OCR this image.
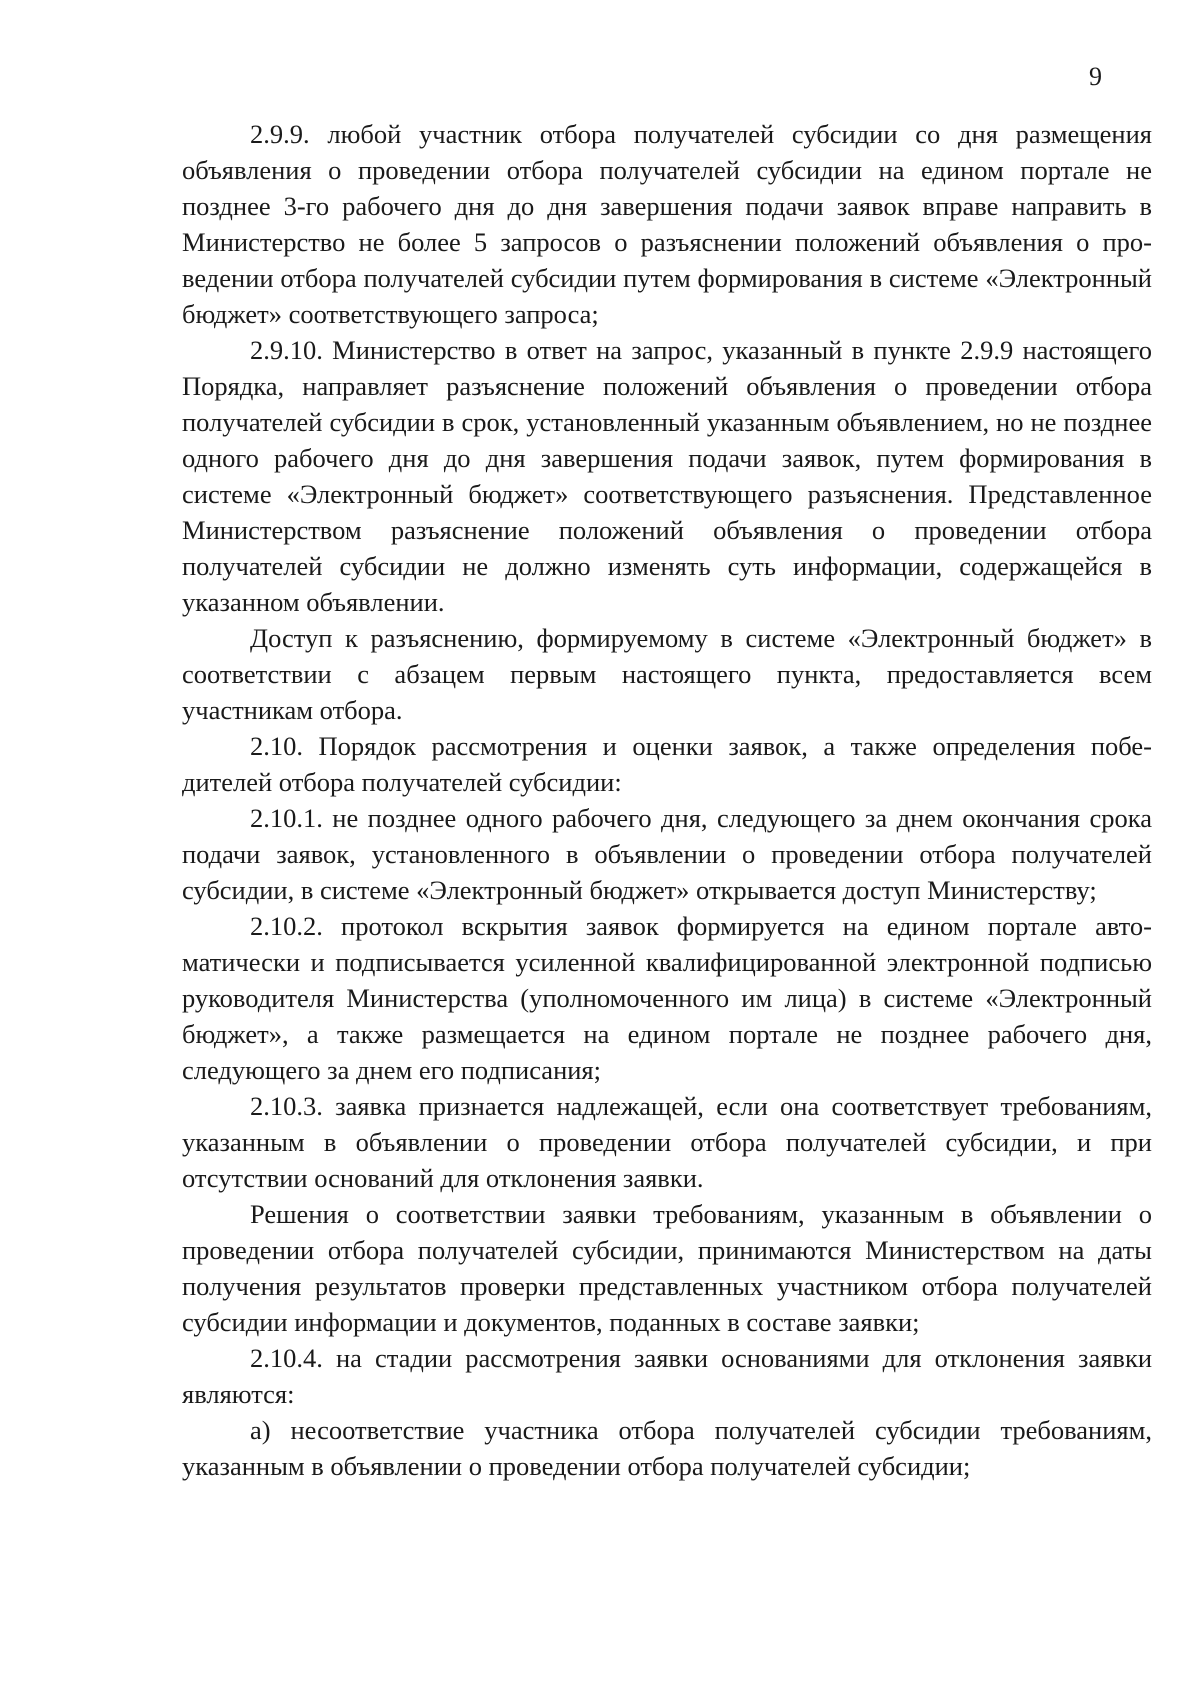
9

2.9.9. любой участник отбора получателей субсидии со дня размещения объявления о проведении отбора получателей субсидии на едином портале не позднее 3-го рабочего дня до дня завершения подачи заявок вправе направить в Министерство не более 5 запросов о разъяснении положений объявления о проведении отбора получателей субсидии путем формирования в системе «Электронный бюджет» соответствующего запроса;

2.9.10. Министерство в ответ на запрос, указанный в пункте 2.9.9 настоящего Порядка, направляет разъяснение положений объявления о проведении отбора получателей субсидии в срок, установленный указанным объявлением, но не позднее одного рабочего дня до дня завершения подачи заявок, путем формирования в системе «Электронный бюджет» соответствующего разъяснения. Представленное Министерством разъяснение положений объявления о проведении отбора получателей субсидии не должно изменять суть информации, содержащейся в указанном объявлении.

Доступ к разъяснению, формируемому в системе «Электронный бюджет» в соответствии с абзацем первым настоящего пункта, предоставляется всем участникам отбора.

2.10. Порядок рассмотрения и оценки заявок, а также определения победителей отбора получателей субсидии:

2.10.1. не позднее одного рабочего дня, следующего за днем окончания срока подачи заявок, установленного в объявлении о проведении отбора получателей субсидии, в системе «Электронный бюджет» открывается доступ Министерству;

2.10.2. протокол вскрытия заявок формируется на едином портале автоматически и подписывается усиленной квалифицированной электронной подписью руководителя Министерства (уполномоченного им лица) в системе «Электронный бюджет», а также размещается на едином портале не позднее рабочего дня, следующего за днем его подписания;

2.10.3. заявка признается надлежащей, если она соответствует требованиям, указанным в объявлении о проведении отбора получателей субсидии, и при отсутствии оснований для отклонения заявки.

Решения о соответствии заявки требованиям, указанным в объявлении о проведении отбора получателей субсидии, принимаются Министерством на даты получения результатов проверки представленных участником отбора получателей субсидии информации и документов, поданных в составе заявки;

2.10.4. на стадии рассмотрения заявки основаниями для отклонения заявки являются:

а) несоответствие участника отбора получателей субсидии требованиям, указанным в объявлении о проведении отбора получателей субсидии;
